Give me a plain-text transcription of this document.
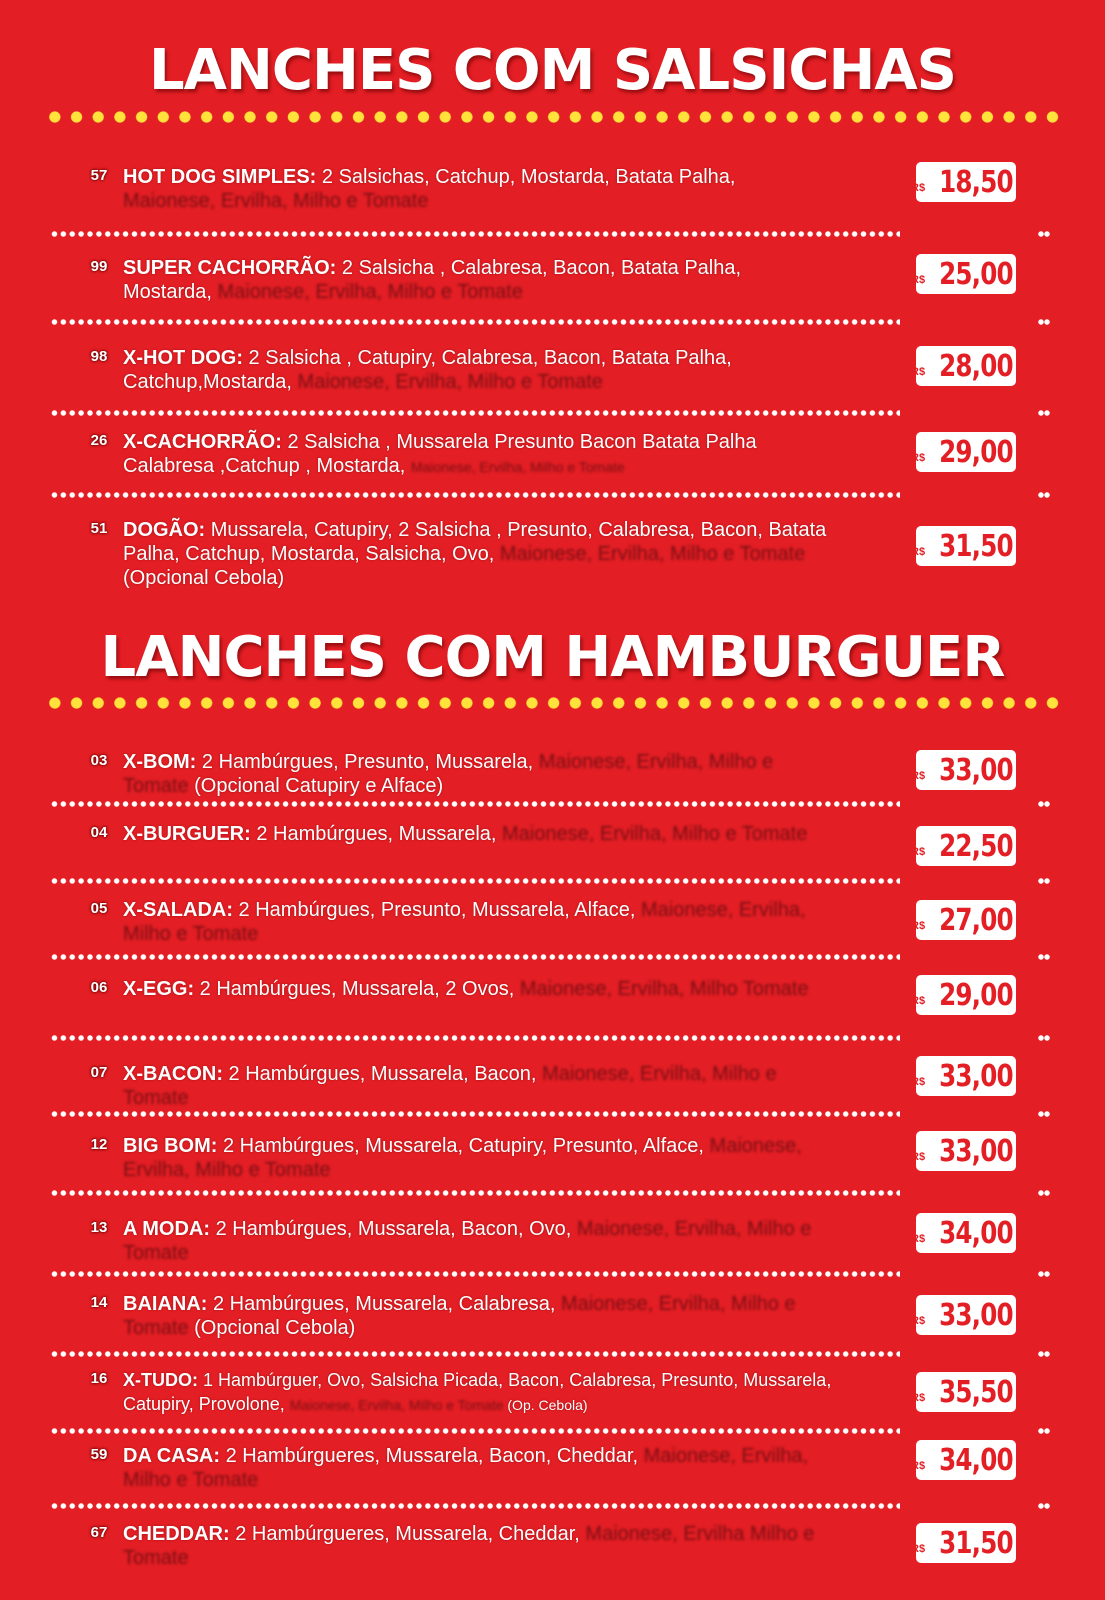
LANCHES COM SALSICHAS
57 HOT DOG SIMPLES: 2 Salsichas, Catchup, Mostarda, Batata Palha,
Maionese, Ervilha, Milho e Tomate
R$ 18,50
99 SUPER CACHORRÃO: 2 Salsicha , Calabresa, Bacon, Batata Palha, Mostarda, Maionese, Ervilha, Milho e Tomate
R$ 25,00
98 X-HOT DOG: 2 Salsicha , Catupiry, Calabresa, Bacon, Batata Palha, Catchup,Mostarda, Maionese, Ervilha, Milho e Tomate	R$ 28,00
26 X-CACHORRÃO: 2 Salsicha , Mussarela Presunto Bacon Batata Palha Calabresa ,Catchup , Mostarda, Maionese, Ervilha, Milho e Tomate
R$ 29,00
51 DOGÃO: Mussarela, Catupiry, 2 Salsicha , Presunto, Calabresa, Bacon, Batata Palha, Catchup, Mostarda, Salsicha, Ovo, Maionese, Ervilha, Milho e Tomate (Opcional Cebola)
R$ 31,50
LANCHES COM HAMBURGUER
03 X-BOM: 2 Hambúrgues, Presunto, Mussarela, Maionese, Ervilha, Milho e Tomate (Opcional Catupiry e Alface)	R$ 33,00
04 X-BURGUER: 2 Hambúrgues, Mussarela, Maionese, Ervilha, Milho e Tomate
R$ 22,50
05 X-SALADA: 2 Hambúrgues, Presunto, Mussarela, Alface, Maionese, Ervilha, Milho e Tomate	R$ 27,00
06 X-EGG: 2 Hambúrgues, Mussarela, 2 Ovos, Maionese, Ervilha, Milho Tomate
R$ 29,00
07 X-BACON: 2 Hambúrgues, Mussarela, Bacon, Maionese, Ervilha, Milho e Tomate
R$ 33,00
12 BIG BOM: 2 Hambúrgues, Mussarela, Catupiry, Presunto, Alface, Maionese, Ervilha, Milho e Tomate
R$ 33,00
13 A MODA: 2 Hambúrgues, Mussarela, Bacon, Ovo, Maionese, Ervilha, Milho e Tomate
R$ 34,00
14 BAIANA: 2 Hambúrgues, Mussarela, Calabresa, Maionese, Ervilha, Milho e Tomate (Opcional Cebola)	R$ 33,00
16 X-TUDO: 1 Hambúrguer, Ovo, Salsicha Picada, Bacon, Calabresa, Presunto, Mussarela, Catupiry, Provolone, Maionese, Ervilha, Milho e Tomate (Op. Cebola)	R$ 35,50
59 DA CASA: 2 Hambúrgueres, Mussarela, Bacon, Cheddar, Maionese, Ervilha, Milho e Tomate
R$ 34,00
67 CHEDDAR: 2 Hambúrgueres, Mussarela, Cheddar, Maionese, Ervilha Milho e Tomate	R$ 31,50
